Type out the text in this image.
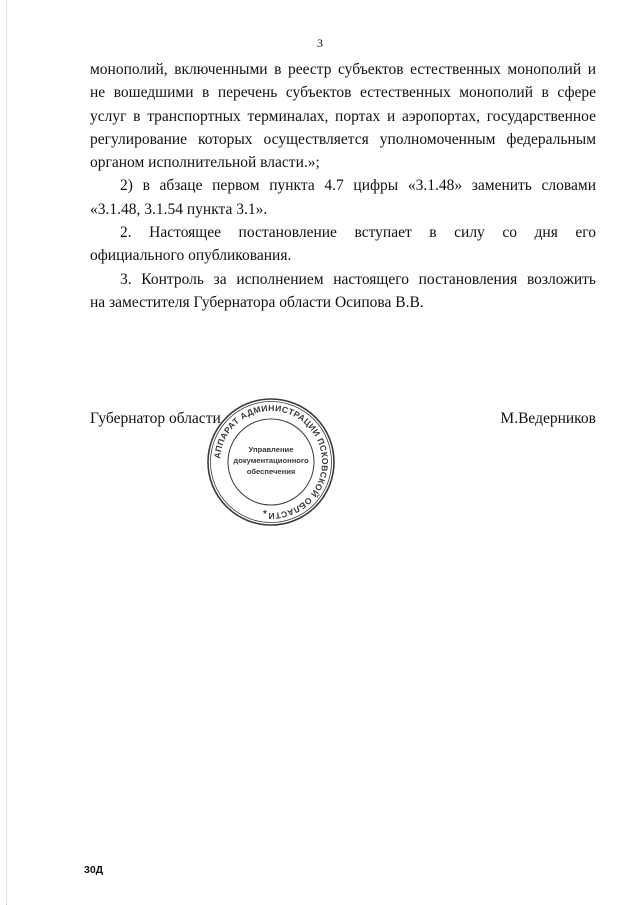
3
монополий, включенными в реестр субъектов естественных монополий и
не вошедшими в перечень субъектов естественных монополий в сфере
услуг в транспортных терминалах, портах и аэропортах, государственное
регулирование которых осуществляется уполномоченным федеральным
органом исполнительной власти.»;
2) в абзаце первом пункта 4.7 цифры «3.1.48» заменить словами
«3.1.48, 3.1.54 пункта 3.1».
2. Настоящее постановление вступает в силу со дня его
официального опубликования.
3. Контроль за исполнением настоящего постановления возложить
на заместителя Губернатора области Осипова В.В.
Губернатор области	М.Ведерников
АППАРАТ АДМИНИСТРАЦИИ ПСКОВСКОЙ ОБЛАСТИ
Управление
документационного
обеспечения
*
30Д
